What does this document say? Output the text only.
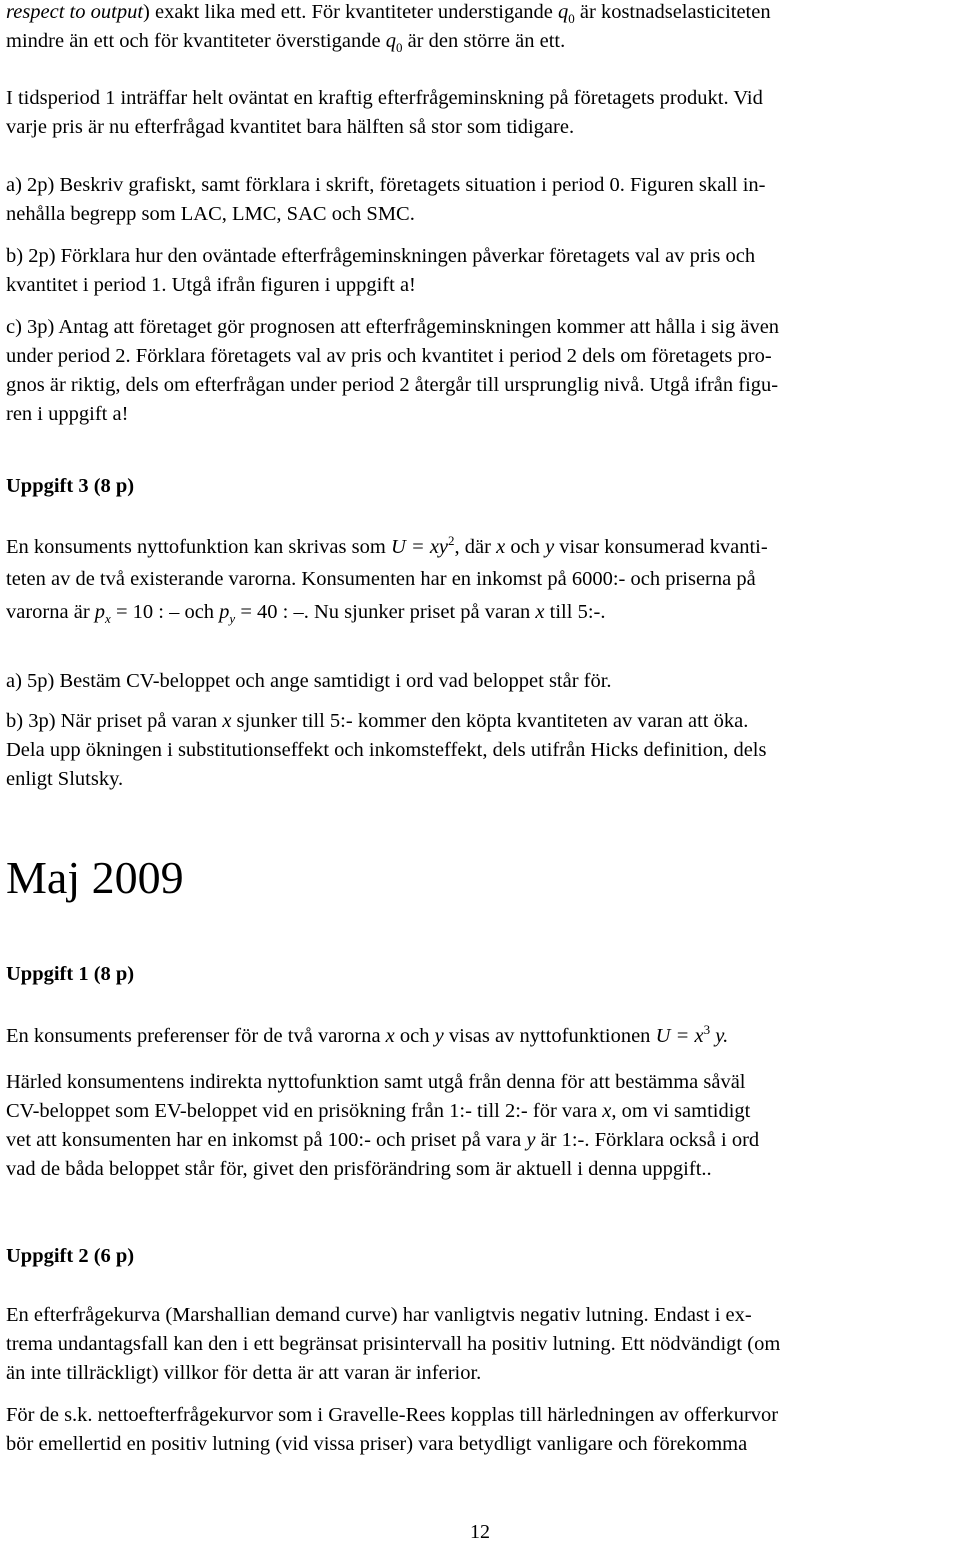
respect to output) exakt lika med ett. För kvantiteter understigande $q_0$ är kostnadselasticiteten

mindre än ett och för kvantiteter överstigande $q_0$ är den större än ett.

I tidsperiod 1 inträffar helt oväntat en kraftig efterfrågeminskning på företagets produkt. Vid

varje pris är nu efterfrågad kvantitet bara hälften så stor som tidigare.

a) 2p) Beskriv grafiskt, samt förklara i skrift, företagets situation i period 0. Figuren skall in-

nehålla begrepp som LAC, LMC, SAC och SMC.

b) 2p) Förklara hur den oväntade efterfrågeminskningen påverkar företagets val av pris och

kvantitet i period 1. Utgå ifrån figuren i uppgift a!

c) 3p) Antag att företaget gör prognosen att efterfrågeminskningen kommer att hålla i sig även

under period 2. Förklara företagets val av pris och kvantitet i period 2 dels om företagets pro-

gnos är riktig, dels om efterfrågan under period 2 återgår till ursprunglig nivå. Utgå ifrån figu-

ren i uppgift a!

Uppgift 3 (8 p)

En konsuments nyttofunktion kan skrivas som $U = xy^2$, där x och y visar konsumerad kvanti-

teten av de två existerande varorna. Konsumenten har en inkomst på 6000:- och priserna på

varorna är $p_x = 10$ : – och $p_y = 40$ : –. Nu sjunker priset på varan x till 5:-.

a) 5p) Bestäm CV-beloppet och ange samtidigt i ord vad beloppet står för.

b) 3p) När priset på varan x sjunker till 5:- kommer den köpta kvantiteten av varan att öka.

Dela upp ökningen i substitutionseffekt och inkomsteffekt, dels utifrån Hicks definition, dels

enligt Slutsky.

Maj 2009

Uppgift 1 (8 p)

En konsuments preferenser för de två varorna x och y visas av nyttofunktionen $U = x^3$ y.

Härled konsumentens indirekta nyttofunktion samt utgå från denna för att bestämma såväl

CV-beloppet som EV-beloppet vid en prisökning från 1:- till 2:- för vara x, om vi samtidigt

vet att konsumenten har en inkomst på 100:- och priset på vara y är 1:-. Förklara också i ord

vad de båda beloppet står för, givet den prisförändring som är aktuell i denna uppgift..

Uppgift 2 (6 p)

En efterfrågekurva (Marshallian demand curve) har vanligtvis negativ lutning. Endast i ex-

trema undantagsfall kan den i ett begränsat prisintervall ha positiv lutning. Ett nödvändigt (om

än inte tillräckligt) villkor för detta är att varan är inferior.

För de s.k. nettoefterfrågekurvor som i Gravelle-Rees kopplas till härledningen av offerkurvor

bör emellertid en positiv lutning (vid vissa priser) vara betydligt vanligare och förekomma

12
